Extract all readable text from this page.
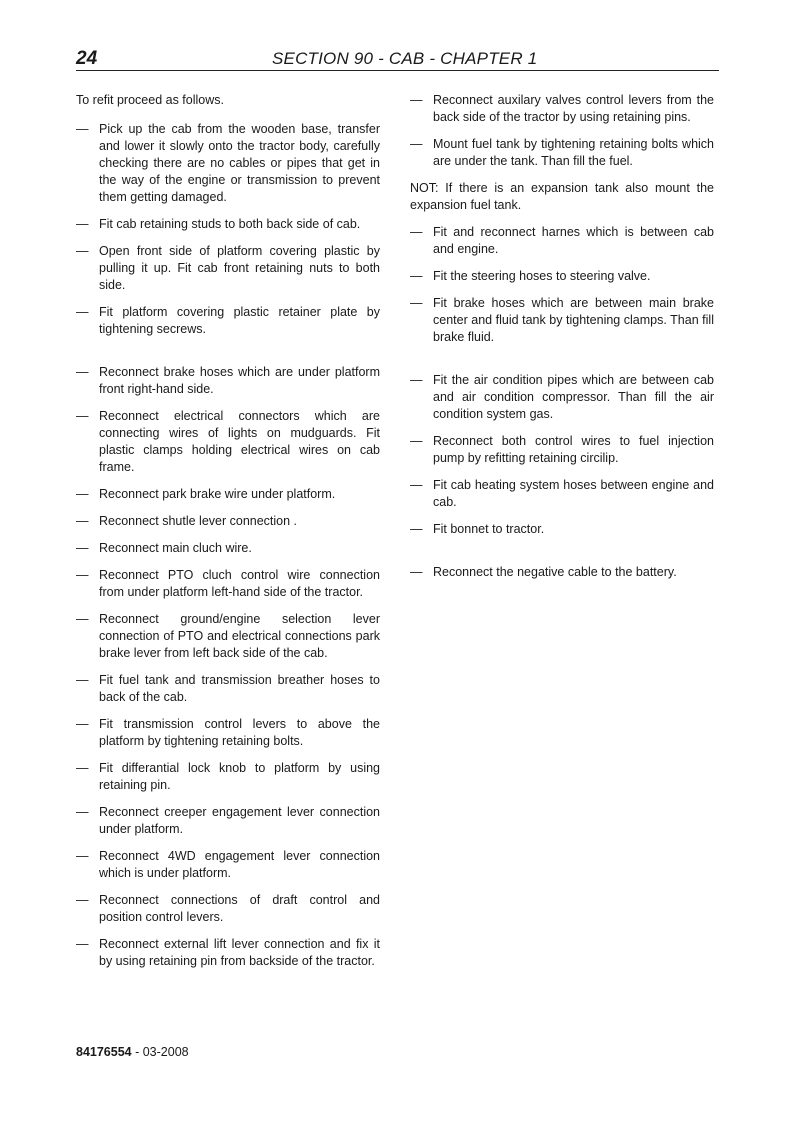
24	SECTION 90 - CAB - CHAPTER 1

To refit proceed as follows.

— Pick up the cab from the wooden base, transfer and lower it slowly onto the tractor body, carefully checking there are no cables or pipes that get in the way of the engine or transmission to prevent them getting damaged.
— Fit cab retaining studs to both back side of cab.
— Open front side of platform covering plastic by pulling it up. Fit cab front retaining nuts to both side.
— Fit platform covering plastic retainer plate by tightening secrews.
— Reconnect brake hoses which are under platform front right-hand side.
— Reconnect electrical connectors which are connecting wires of lights on mudguards. Fit plastic clamps holding electrical wires on cab frame.
— Reconnect park brake wire under platform.
— Reconnect shutle lever connection .
— Reconnect main cluch wire.
— Reconnect PTO cluch control wire connection from under platform left-hand side of the tractor.
— Reconnect ground/engine selection lever connection of PTO and electrical connections park brake lever from left back side of the cab.
— Fit fuel tank and transmission breather hoses to back of the cab.
— Fit transmission control levers to above the platform by tightening retaining bolts.
— Fit differantial lock knob to platform by using retaining pin.
— Reconnect creeper engagement lever connection under platform.
— Reconnect 4WD engagement lever connection which is under platform.
— Reconnect connections of draft control and position control levers.
— Reconnect external lift lever connection and fix it by using retaining pin from backside of the tractor.
— Reconnect auxilary valves control levers from the back side of the tractor by using retaining pins.
— Mount fuel tank by tightening retaining bolts which are under the tank. Than fill the fuel.

NOT: If there is an expansion tank also mount the expansion fuel tank.

— Fit and reconnect harnes which is between cab and engine.
— Fit the steering hoses to steering valve.
— Fit brake hoses which are between main brake center and fluid tank by tightening clamps. Than fill brake fluid.
— Fit the air condition pipes which are between cab and air condition compressor. Than fill the air condition system gas.
— Reconnect both control wires to fuel injection pump by refitting retaining circilip.
— Fit cab heating system hoses between engine and cab.
— Fit bonnet to tractor.
— Reconnect the negative cable to the battery.
84176554 - 03-2008
